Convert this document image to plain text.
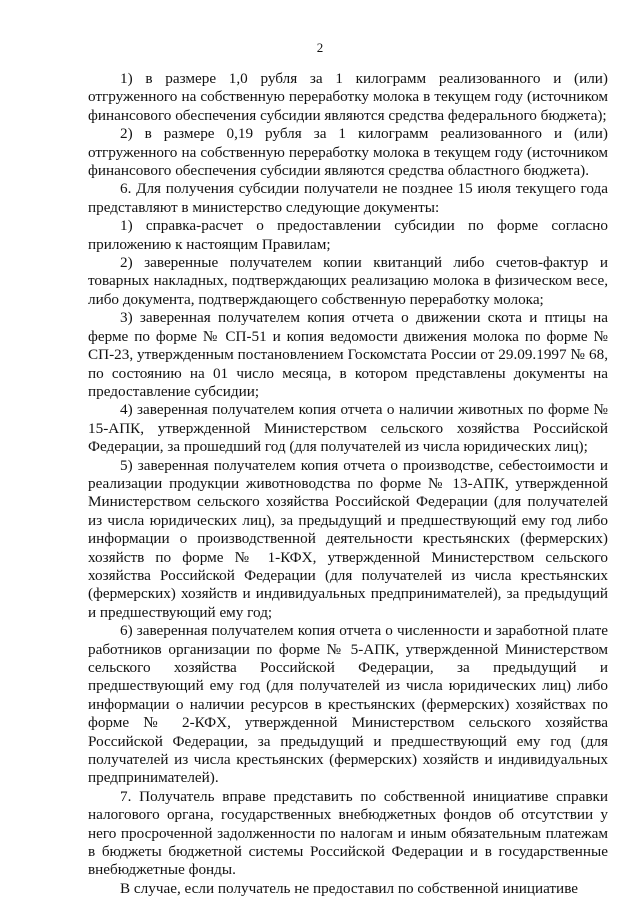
2

1) в размере 1,0 рубля за 1 килограмм реализованного и (или) отгруженного на собственную переработку молока в текущем году (источником финансового обеспечения субсидии являются средства федерального бюджета);

2) в размере 0,19 рубля за 1 килограмм реализованного и (или) отгруженного на собственную переработку молока в текущем году (источником финансового обеспечения субсидии являются средства областного бюджета).

6. Для получения субсидии получатели не позднее 15 июля текущего года представляют в министерство следующие документы:

1) справка-расчет о предоставлении субсидии по форме согласно приложению к настоящим Правилам;

2) заверенные получателем копии квитанций либо счетов-фактур и товарных накладных, подтверждающих реализацию молока в физическом весе, либо документа, подтверждающего собственную переработку молока;

3) заверенная получателем копия отчета о движении скота и птицы на ферме по форме № СП-51 и копия ведомости движения молока по форме № СП-23, утвержденным постановлением Госкомстата России от 29.09.1997 № 68, по состоянию на 01 число месяца, в котором представлены документы на предоставление субсидии;

4) заверенная получателем копия отчета о наличии животных по форме № 15-АПК, утвержденной Министерством сельского хозяйства Российской Федерации, за прошедший год (для получателей из числа юридических лиц);

5) заверенная получателем копия отчета о производстве, себестоимости и реализации продукции животноводства по форме № 13-АПК, утвержденной Министерством сельского хозяйства Российской Федерации (для получателей из числа юридических лиц), за предыдущий и предшествующий ему год либо информации о производственной деятельности крестьянских (фермерских) хозяйств по форме № 1-КФХ, утвержденной Министерством сельского хозяйства Российской Федерации (для получателей из числа крестьянских (фермерских) хозяйств и индивидуальных предпринимателей), за предыдущий и предшествующий ему год;

6) заверенная получателем копия отчета о численности и заработной плате работников организации по форме № 5-АПК, утвержденной Министерством сельского хозяйства Российской Федерации, за предыдущий и предшествующий ему год (для получателей из числа юридических лиц) либо информации о наличии ресурсов в крестьянских (фермерских) хозяйствах по форме № 2-КФХ, утвержденной Министерством сельского хозяйства Российской Федерации, за предыдущий и предшествующий ему год (для получателей из числа крестьянских (фермерских) хозяйств и индивидуальных предпринимателей).

7. Получатель вправе представить по собственной инициативе справки налогового органа, государственных внебюджетных фондов об отсутствии у него просроченной задолженности по налогам и иным обязательным платежам в бюджеты бюджетной системы Российской Федерации и в государственные внебюджетные фонды.

В случае, если получатель не предоставил по собственной инициативе
